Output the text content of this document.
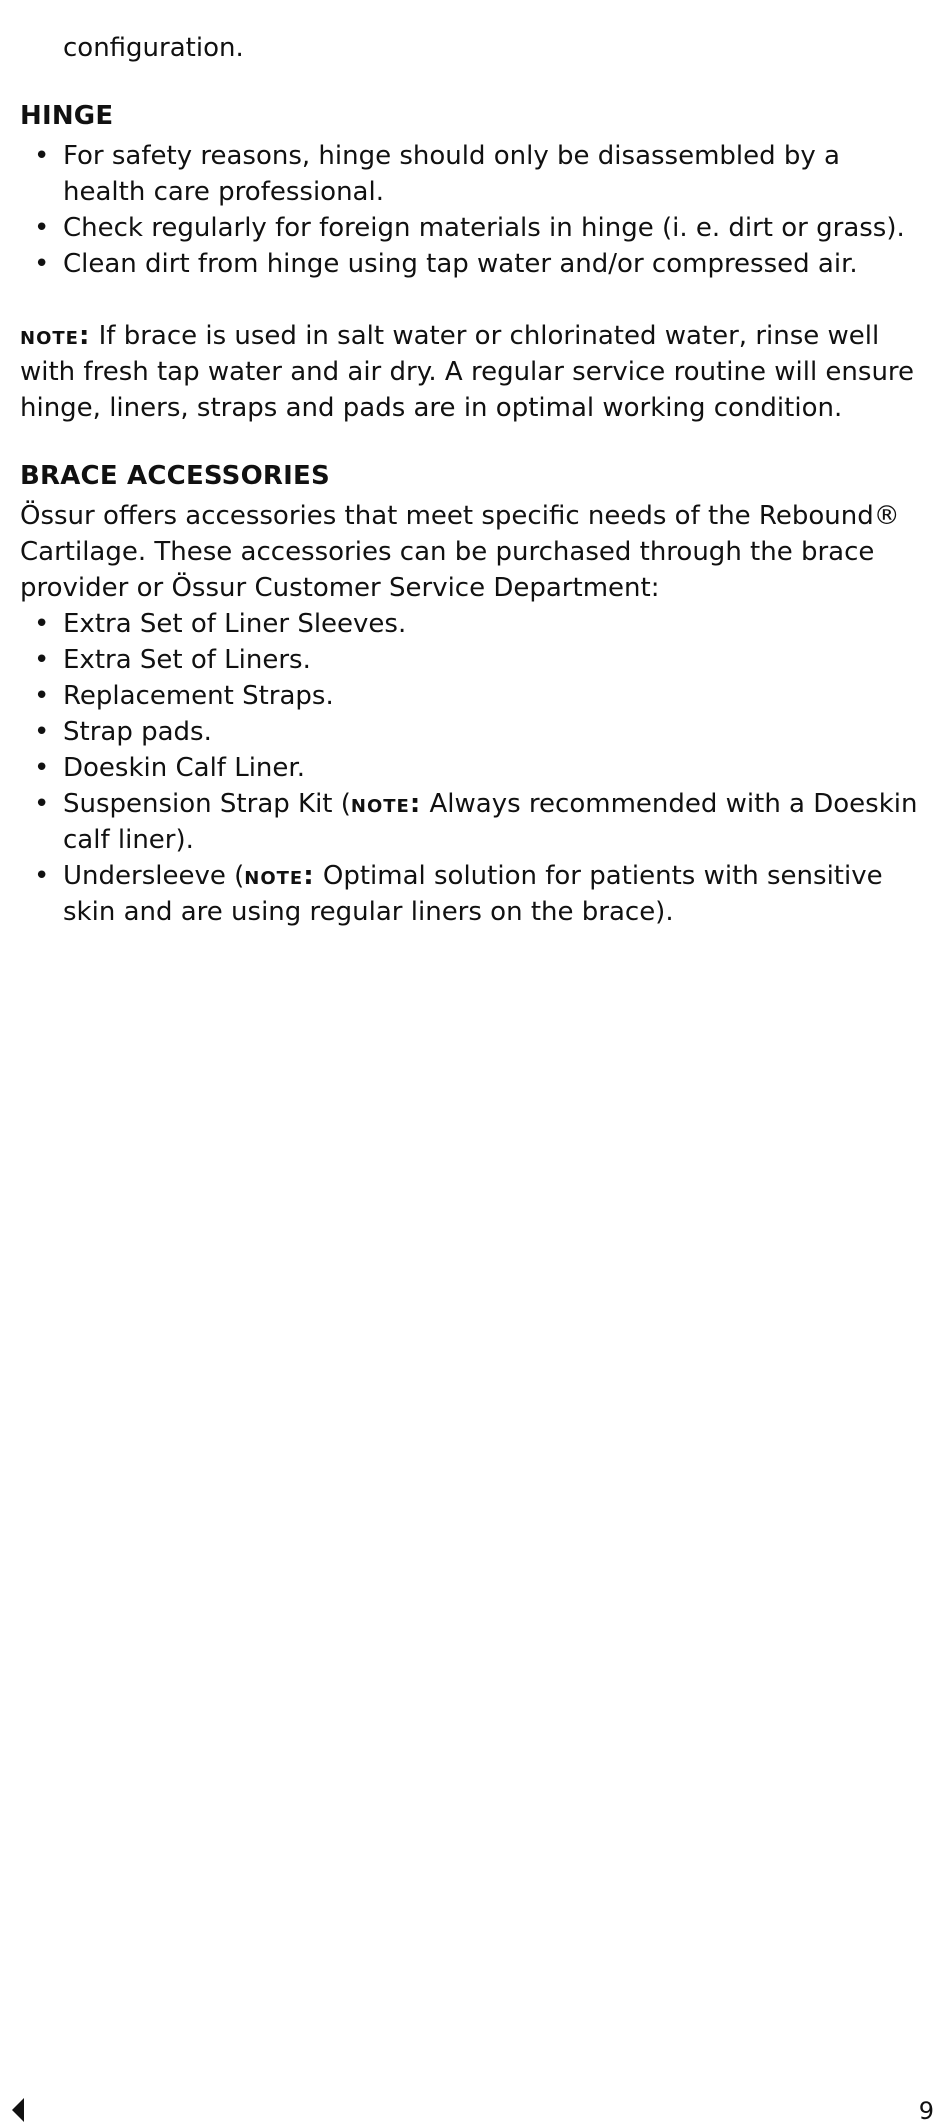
configuration.

HINGE
• For safety reasons, hinge should only be disassembled by a health care professional.
• Check regularly for foreign materials in hinge (i. e. dirt or grass).
• Clean dirt from hinge using tap water and/or compressed air.

note: If brace is used in salt water or chlorinated water, rinse well with fresh tap water and air dry. A regular service routine will ensure hinge, liners, straps and pads are in optimal working condition.

BRACE ACCESSORIES

Össur offers accessories that meet specific needs of the Rebound® Cartilage. These accessories can be purchased through the brace provider or Össur Customer Service Department:

• Extra Set of Liner Sleeves.
• Extra Set of Liners.
• Replacement Straps.
• Strap pads.
• Doeskin Calf Liner.
• Suspension Strap Kit (note: Always recommended with a Doeskin calf liner).
• Undersleeve (note: Optimal solution for patients with sensitive skin and are using regular liners on the brace).
9
